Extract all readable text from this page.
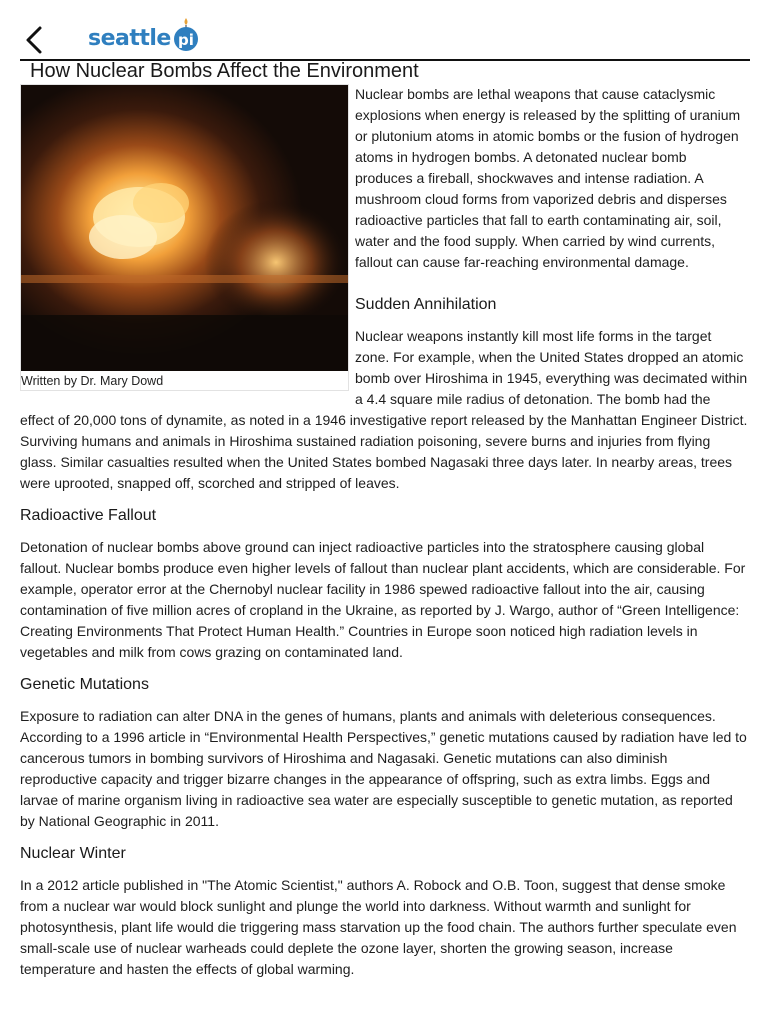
seattle pi
How Nuclear Bombs Affect the Environment
Written by Dr. Mary Dowd

Nuclear bombs are lethal weapons that cause cataclysmic explosions when energy is released by the splitting of uranium or plutonium atoms in atomic bombs or the fusion of hydrogen atoms in hydrogen bombs. A detonated nuclear bomb produces a fireball, shockwaves and intense radiation. A mushroom cloud forms from vaporized debris and disperses radioactive particles that fall to earth contaminating air, soil, water and the food supply. When carried by wind currents, fallout can cause far-reaching environmental damage.

Sudden Annihilation

Nuclear weapons instantly kill most life forms in the target zone. For example, when the United States dropped an atomic bomb over Hiroshima in 1945, everything was decimated within a 4.4 square mile radius of detonation. The bomb had the effect of 20,000 tons of dynamite, as noted in a 1946 investigative report released by the Manhattan Engineer District. Surviving humans and animals in Hiroshima sustained radiation poisoning, severe burns and injuries from flying glass. Similar casualties resulted when the United States bombed Nagasaki three days later. In nearby areas, trees were uprooted, snapped off, scorched and stripped of leaves.

Radioactive Fallout

Detonation of nuclear bombs above ground can inject radioactive particles into the stratosphere causing global fallout. Nuclear bombs produce even higher levels of fallout than nuclear plant accidents, which are considerable. For example, operator error at the Chernobyl nuclear facility in 1986 spewed radioactive fallout into the air, causing contamination of five million acres of cropland in the Ukraine, as reported by J. Wargo, author of “Green Intelligence: Creating Environments That Protect Human Health.” Countries in Europe soon noticed high radiation levels in vegetables and milk from cows grazing on contaminated land.

Genetic Mutations

Exposure to radiation can alter DNA in the genes of humans, plants and animals with deleterious consequences. According to a 1996 article in “Environmental Health Perspectives,” genetic mutations caused by radiation have led to cancerous tumors in bombing survivors of Hiroshima and Nagasaki. Genetic mutations can also diminish reproductive capacity and trigger bizarre changes in the appearance of offspring, such as extra limbs. Eggs and larvae of marine organism living in radioactive sea water are especially susceptible to genetic mutation, as reported by National Geographic in 2011.

Nuclear Winter

In a 2012 article published in "The Atomic Scientist," authors A. Robock and O.B. Toon, suggest that dense smoke from a nuclear war would block sunlight and plunge the world into darkness. Without warmth and sunlight for photosynthesis, plant life would die triggering mass starvation up the food chain. The authors further speculate even small-scale use of nuclear warheads could deplete the ozone layer, shorten the growing season, increase temperature and hasten the effects of global warming.
